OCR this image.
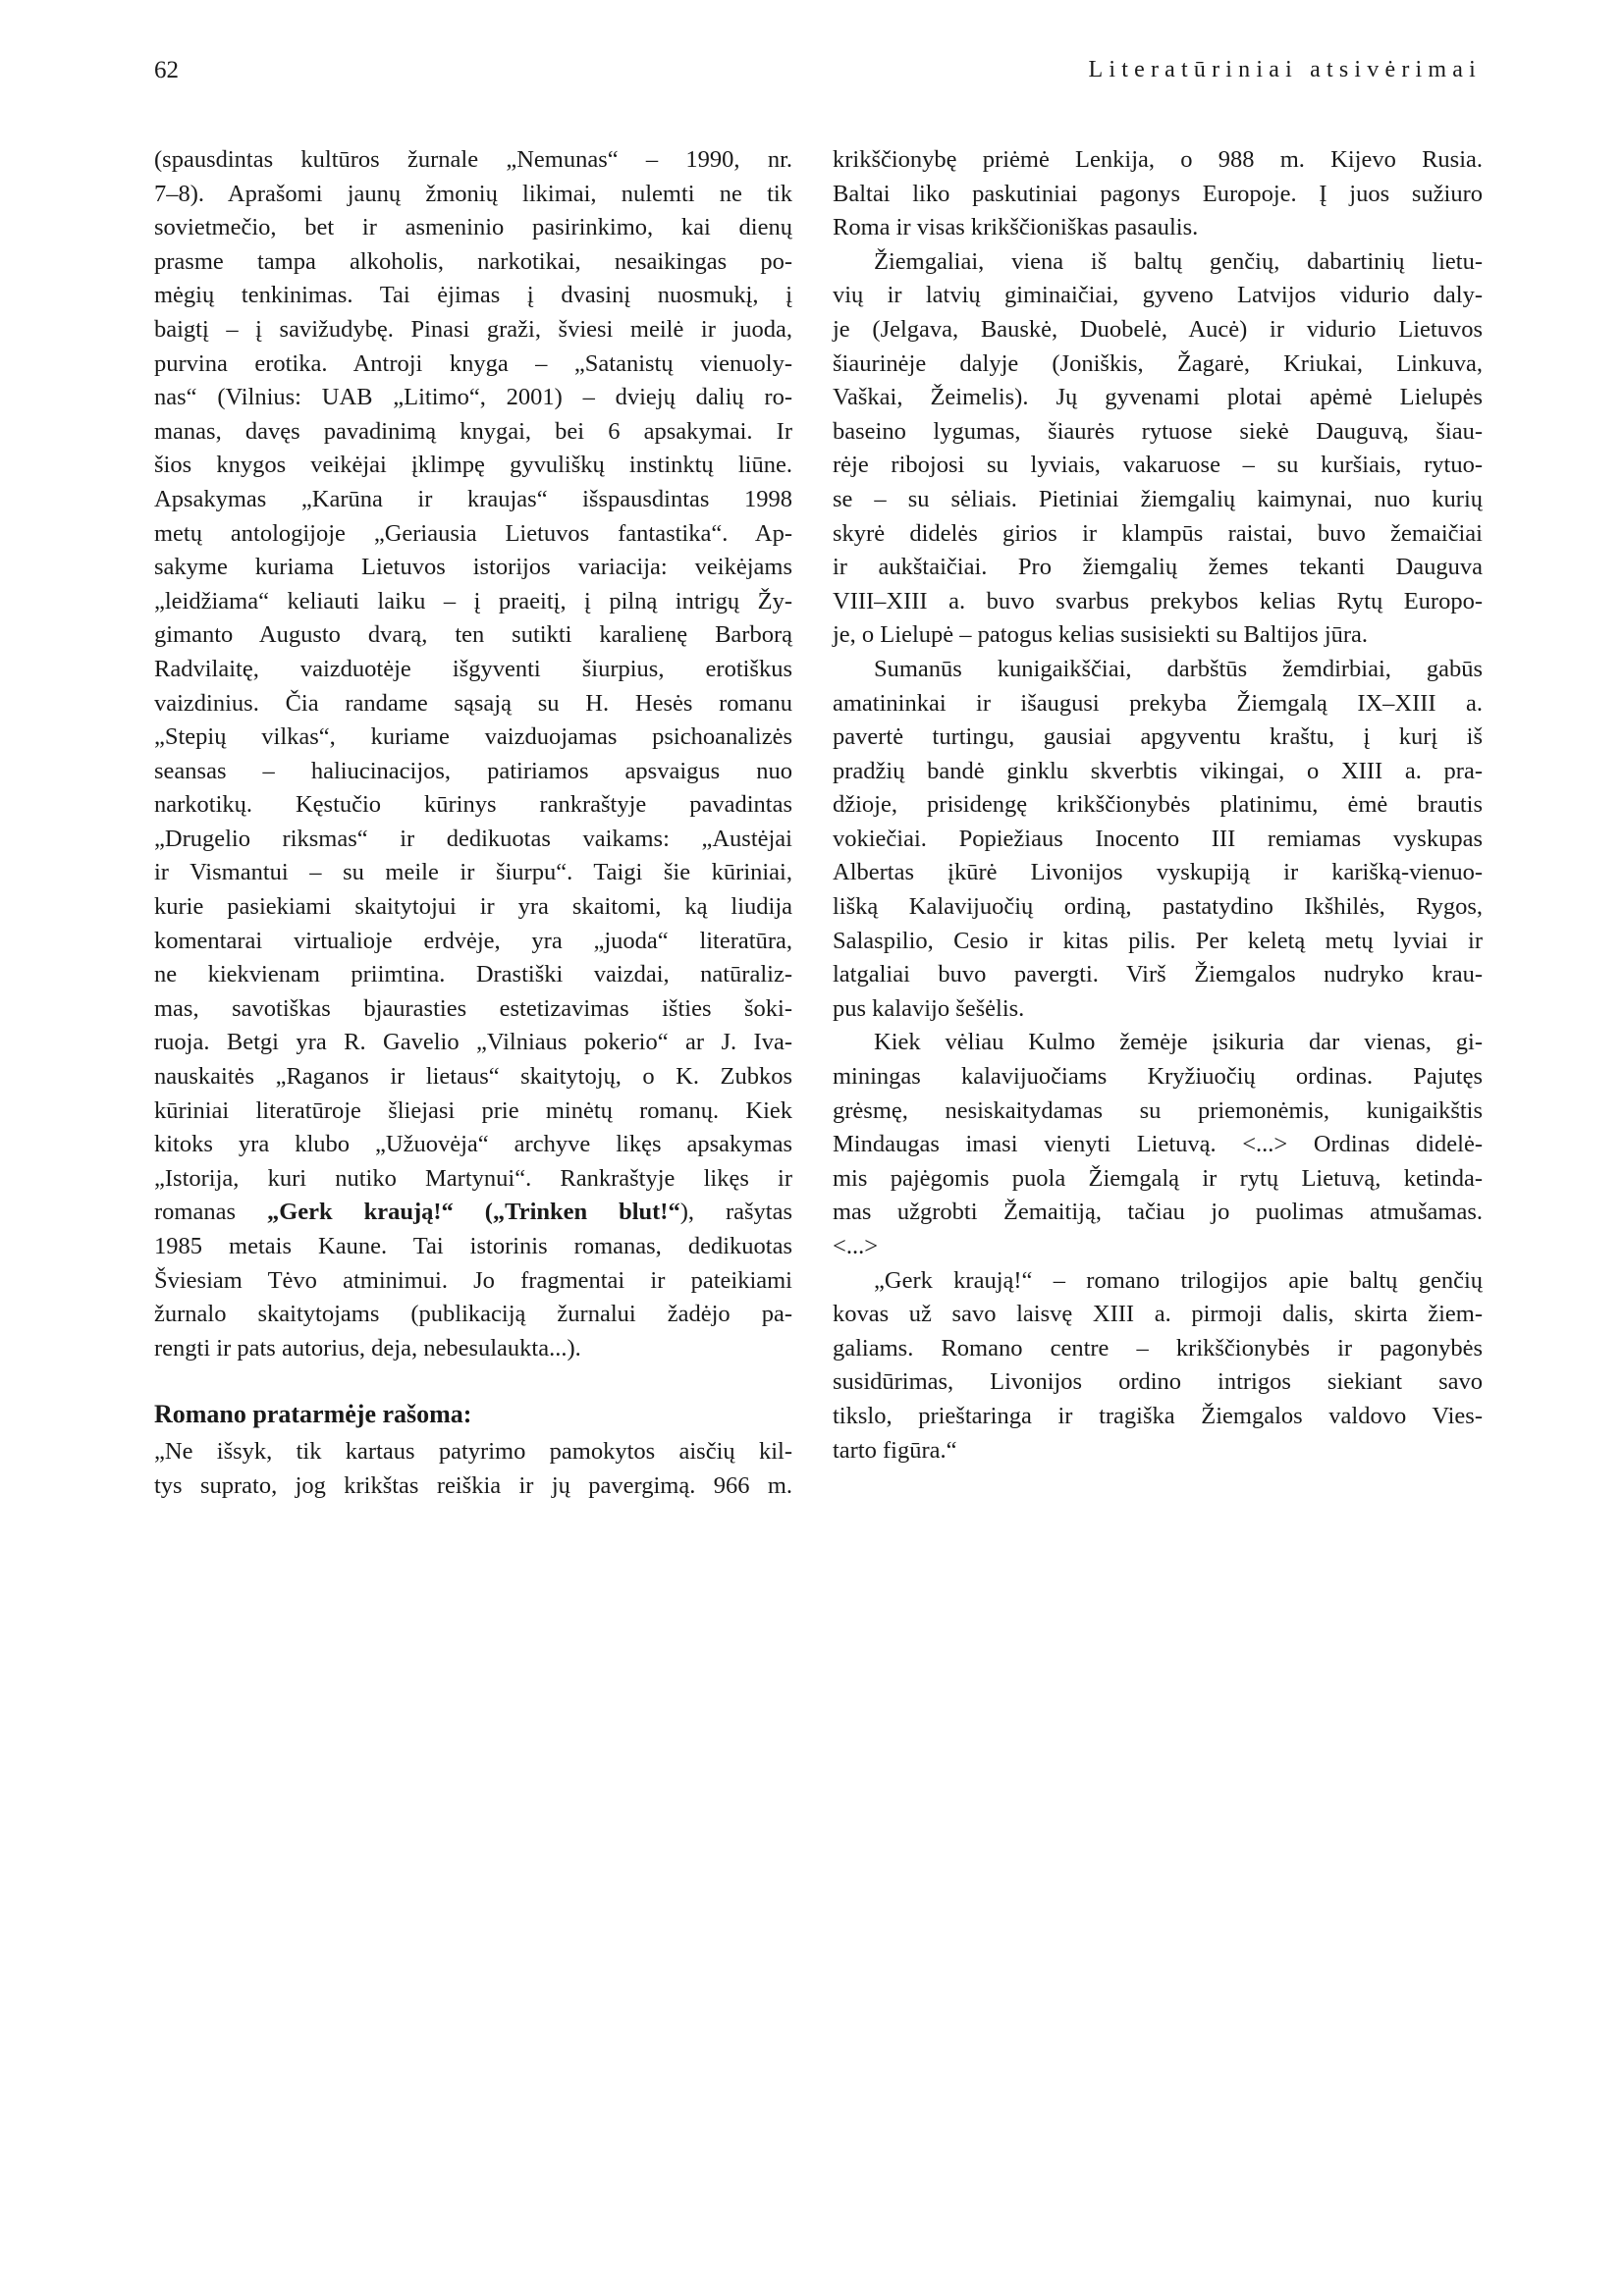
62	Literatūriniai atsivėrimai
(spausdintas kultūros žurnale „Nemunas“ – 1990, nr.
7–8). Aprašomi jaunų žmonių likimai, nulemti ne tik
sovietmečio, bet ir asmeninio pasirinkimo, kai dienų
prasme tampa alkoholis, narkotikai, nesaikingas po-
mėgių tenkinimas. Tai ėjimas į dvasinį nuosmukį, į
baigtį – į savižudybę. Pinasi graži, šviesi meilė ir juoda,
purvina erotika. Antroji knyga – „Satanistų vienuoly-
nas“ (Vilnius: UAB „Litimo“, 2001) – dviejų dalių ro-
manas, davęs pavadinimą knygai, bei 6 apsakymai. Ir
šios knygos veikėjai įklimpę gyvuliškų instinktų liūne.
Apsakymas „Karūna ir kraujas“ išspausdintas 1998
metų antologijoje „Geriausia Lietuvos fantastika“. Ap-
sakyme kuriama Lietuvos istorijos variacija: veikėjams
„leidžiama“ keliauti laiku – į praeitį, į pilną intrigų Žy-
gimanto Augusto dvarą, ten sutikti karalienę Barborą
Radvilaitę, vaizduotėje išgyventi šiurpius, erotiškus
vaizdinius. Čia randame sąsają su H. Hesės romanu
„Stepių vilkas“, kuriame vaizduojamas psichoanalizės
seansas – haliucinacijos, patiriamos apsvaigus nuo
narkotikų. Kęstučio kūrinys rankraštyje pavadintas
„Drugelio riksmas“ ir dedikuotas vaikams: „Austėjai
ir Vismantui – su meile ir šiurpu“. Taigi šie kūriniai,
kurie pasiekiami skaitytojui ir yra skaitomi, ką liudija
komentarai virtualioje erdvėje, yra „juoda“ literatūra,
ne kiekvienam priimtina. Drastiški vaizdai, natūraliz-
mas, savotiškas bjaurasties estetizavimas išties šoki-
ruoja. Betgi yra R. Gavelio „Vilniaus pokerio“ ar J. Iva-
nauskaitės „Raganos ir lietaus“ skaitytojų, o K. Zubkos
kūriniai literatūroje šliejasi prie minėtų romanų. Kiek
kitoks yra klubo „Užuovėja“ archyve likęs apsakymas
„Istorija, kuri nutiko Martynui“. Rankraštyje likęs ir
romanas „Gerk kraują!“ („Trinken blut!“), rašytas
1985 metais Kaune. Tai istorinis romanas, dedikuotas
Šviesiam Tėvo atminimui. Jo fragmentai ir pateikiami
žurnalo skaitytojams (publikaciją žurnalui žadėjo pa-
rengti ir pats autorius, deja, nebesulaukta...).
Romano pratarmėje rašoma:
„Ne išsyk, tik kartaus patyrimo pamokytos aisčių kil-
tys suprato, jog krikštas reiškia ir jų pavergimą. 966 m.
krikščionybę priėmė Lenkija, o 988 m. Kijevo Rusia.
Baltai liko paskutiniai pagonys Europoje. Į juos sužiuro
Roma ir visas krikščioniškas pasaulis.
Žiemgaliai, viena iš baltų genčių, dabartinių lietu-
vių ir latvių giminaičiai, gyveno Latvijos vidurio daly-
je (Jelgava, Bauskė, Duobelė, Aucė) ir vidurio Lietuvos
šiaurinėje dalyje (Joniškis, Žagarė, Kriukai, Linkuva,
Vaškai, Žeimelis). Jų gyvenami plotai apėmė Lielupės
baseino lygumas, šiaurės rytuose siekė Dauguvą, šiau-
rėje ribojosi su lyviais, vakaruose – su kuršiais, rytuo-
se – su sėliais. Pietiniai žiemgalių kaimynai, nuo kurių
skyrė didelės girios ir klampūs raistai, buvo žemaičiai
ir aukštaičiai. Pro žiemgalių žemes tekanti Dauguva
VIII–XIII a. buvo svarbus prekybos kelias Rytų Europo-
je, o Lielupė – patogus kelias susisiekti su Baltijos jūra.
Sumanūs kunigaikščiai, darbštūs žemdirbiai, gabūs
amatininkai ir išaugusi prekyba Žiemgalą IX–XIII a.
pavertė turtingu, gausiai apgyventu kraštu, į kurį iš
pradžių bandė ginklu skverbtis vikingai, o XIII a. pra-
džioje, prisidengę krikščionybės platinimu, ėmė brautis
vokiečiai. Popiežiaus Inocento III remiamas vyskupas
Albertas įkūrė Livonijos vyskupiją ir karišką-vienuo-
lišką Kalavijuočių ordiną, pastatydino Ikšhilės, Rygos,
Salaspilio, Cesio ir kitas pilis. Per keletą metų lyviai ir
latgaliai buvo pavergti. Virš Žiemgalos nudryko krau-
pus kalavijo šešėlis.
Kiek vėliau Kulmo žemėje įsikuria dar vienas, gi-
miningas kalavijuočiams Kryžiuočių ordinas. Pajutęs
grėsmę, nesiskaitydamas su priemonėmis, kunigaikštis
Mindaugas imasi vienyti Lietuvą. <...> Ordinas didelė-
mis pajėgomis puola Žiemgalą ir rytų Lietuvą, ketinda-
mas užgrobti Žemaitiją, tačiau jo puolimas atmušamas.
<...>
„Gerk kraują!“ – romano trilogijos apie baltų genčių
kovas už savo laisvę XIII a. pirmoji dalis, skirta žiem-
galiams. Romano centre – krikščionybės ir pagonybės
susidūrimas, Livonijos ordino intrigos siekiant savo
tikslo, prieštaringa ir tragiška Žiemgalos valdovo Vies-
tarto figūra.“
